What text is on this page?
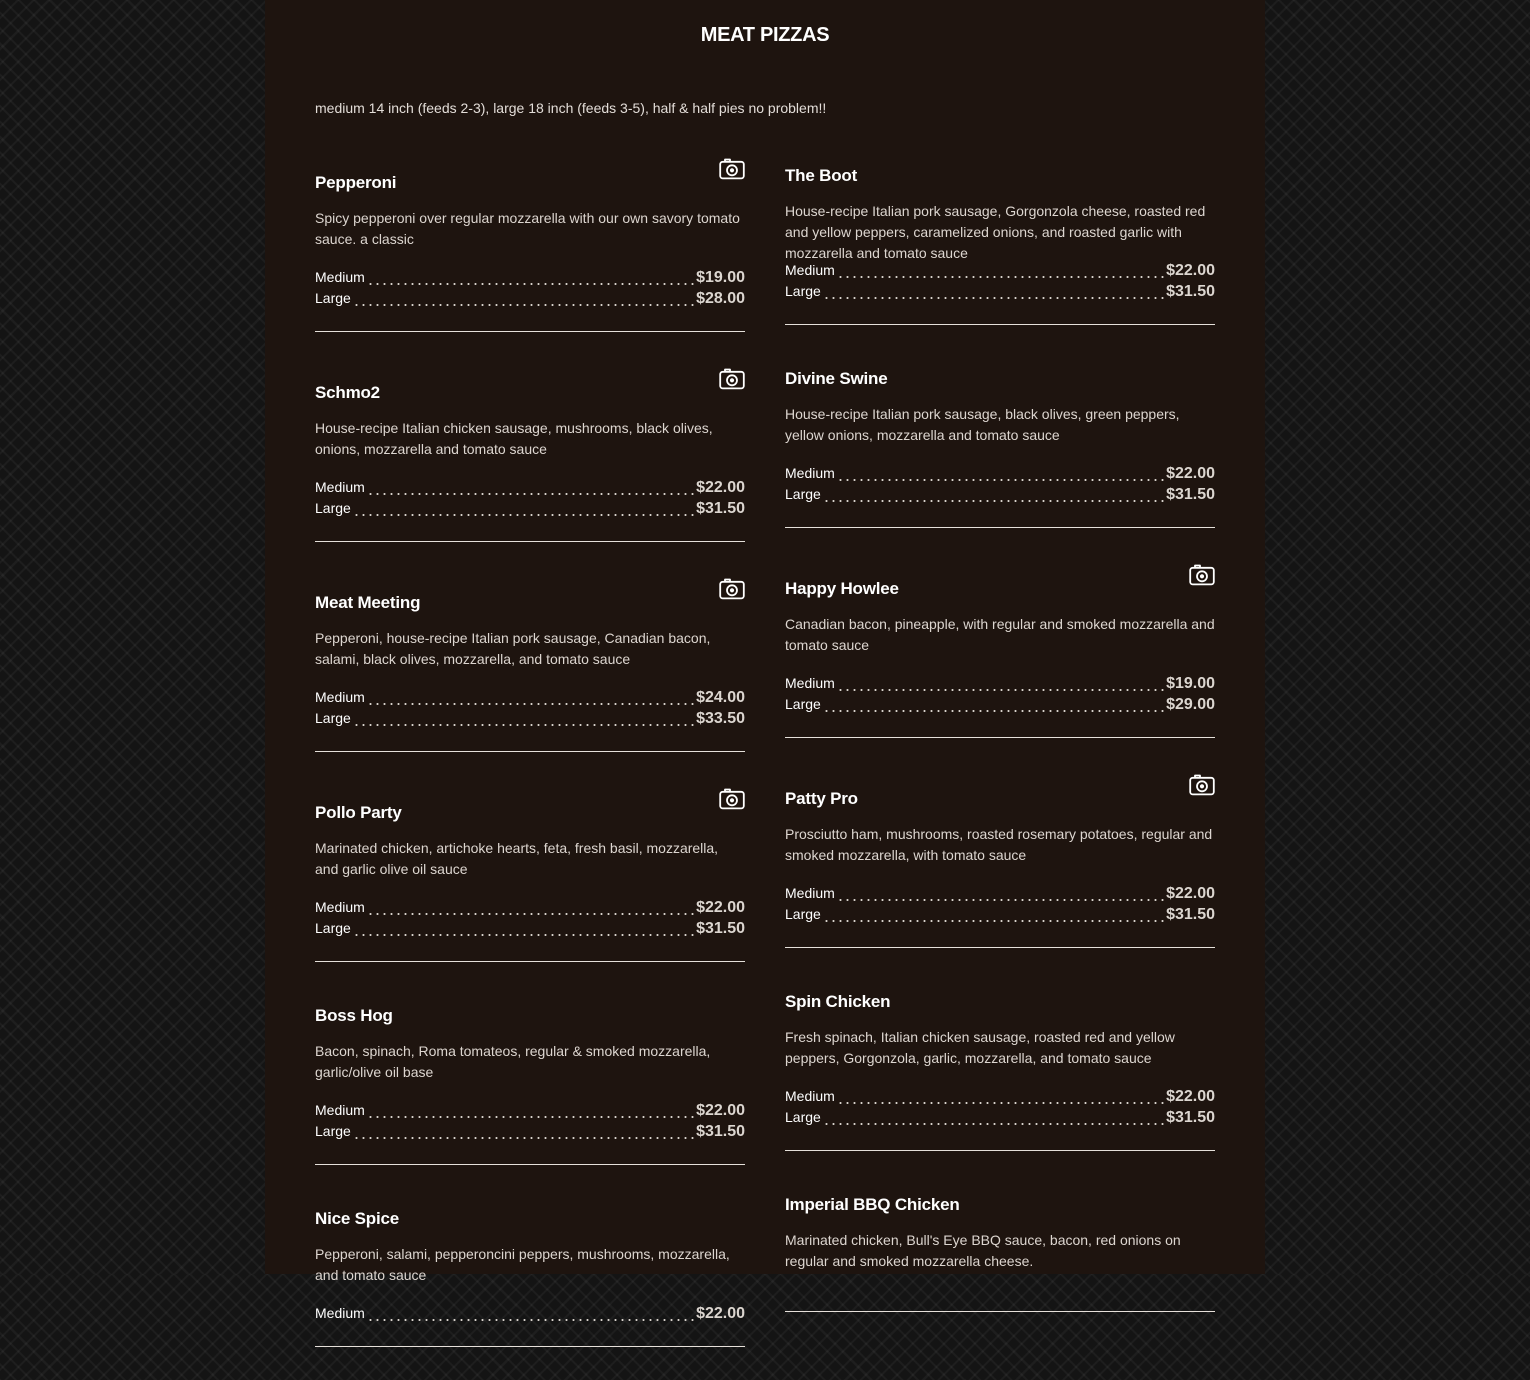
MEAT PIZZAS

medium 14 inch (feeds 2-3), large 18 inch (feeds 3-5), half & half pies no problem!!

Pepperoni

Spicy pepperoni over regular mozzarella with our own savory tomato sauce. a classic

Medium	$19.00
Large	$28.00
Schmo2

House-recipe Italian chicken sausage, mushrooms, black olives, onions, mozzarella and tomato sauce

Medium	$22.00
Large	$31.50
Meat Meeting

Pepperoni, house-recipe Italian pork sausage, Canadian bacon, salami, black olives, mozzarella, and tomato sauce

Medium	$24.00
Large	$33.50
Pollo Party

Marinated chicken, artichoke hearts, feta, fresh basil, mozzarella, and garlic olive oil sauce

Medium	$22.00
Large	$31.50
Boss Hog

Bacon, spinach, Roma tomateos, regular & smoked mozzarella, garlic/olive oil base

Medium	$22.00
Large	$31.50
Nice Spice

Pepperoni, salami, pepperoncini peppers, mushrooms, mozzarella, and tomato sauce

Medium	$22.00
The Boot

House-recipe Italian pork sausage, Gorgonzola cheese, roasted red and yellow peppers, caramelized onions, and roasted garlic with mozzarella and tomato sauce

Medium	$22.00
Large	$31.50
Divine Swine

House-recipe Italian pork sausage, black olives, green peppers, yellow onions, mozzarella and tomato sauce

Medium	$22.00
Large	$31.50
Happy Howlee

Canadian bacon, pineapple, with regular and smoked mozzarella and tomato sauce

Medium	$19.00
Large	$29.00
Patty Pro

Prosciutto ham, mushrooms, roasted rosemary potatoes, regular and smoked mozzarella, with tomato sauce

Medium	$22.00
Large	$31.50
Spin Chicken

Fresh spinach, Italian chicken sausage, roasted red and yellow peppers, Gorgonzola, garlic, mozzarella, and tomato sauce

Medium	$22.00
Large	$31.50
Imperial BBQ Chicken

Marinated chicken, Bull's Eye BBQ sauce, bacon, red onions on regular and smoked mozzarella cheese.
